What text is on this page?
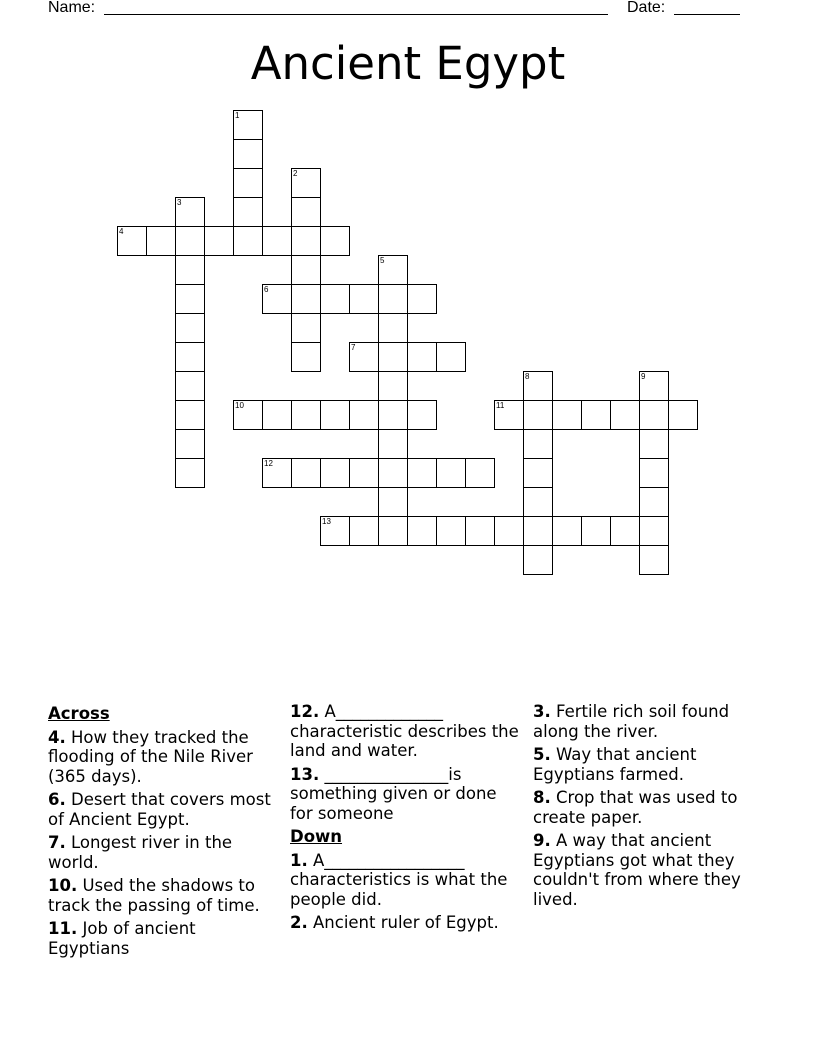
Name:	Date:
Ancient Egypt
1
2
3
4
5
6
7
8	9
10	11
12
13
Across
4. How they tracked the flooding of the Nile River (365 days).
6. Desert that covers most of Ancient Egypt.
7. Longest river in the world.
10. Used the shadows to track the passing of time.
11. Job of ancient Egyptians
12. A_____________ characteristic describes the land and water.
13. _______________is something given or done for someone
Down
1. A_________________ characteristics is what the people did.
2. Ancient ruler of Egypt.
3. Fertile rich soil found along the river.
5. Way that ancient Egyptians farmed.
8. Crop that was used to create paper.
9. A way that ancient Egyptians got what they couldn't from where they lived.
